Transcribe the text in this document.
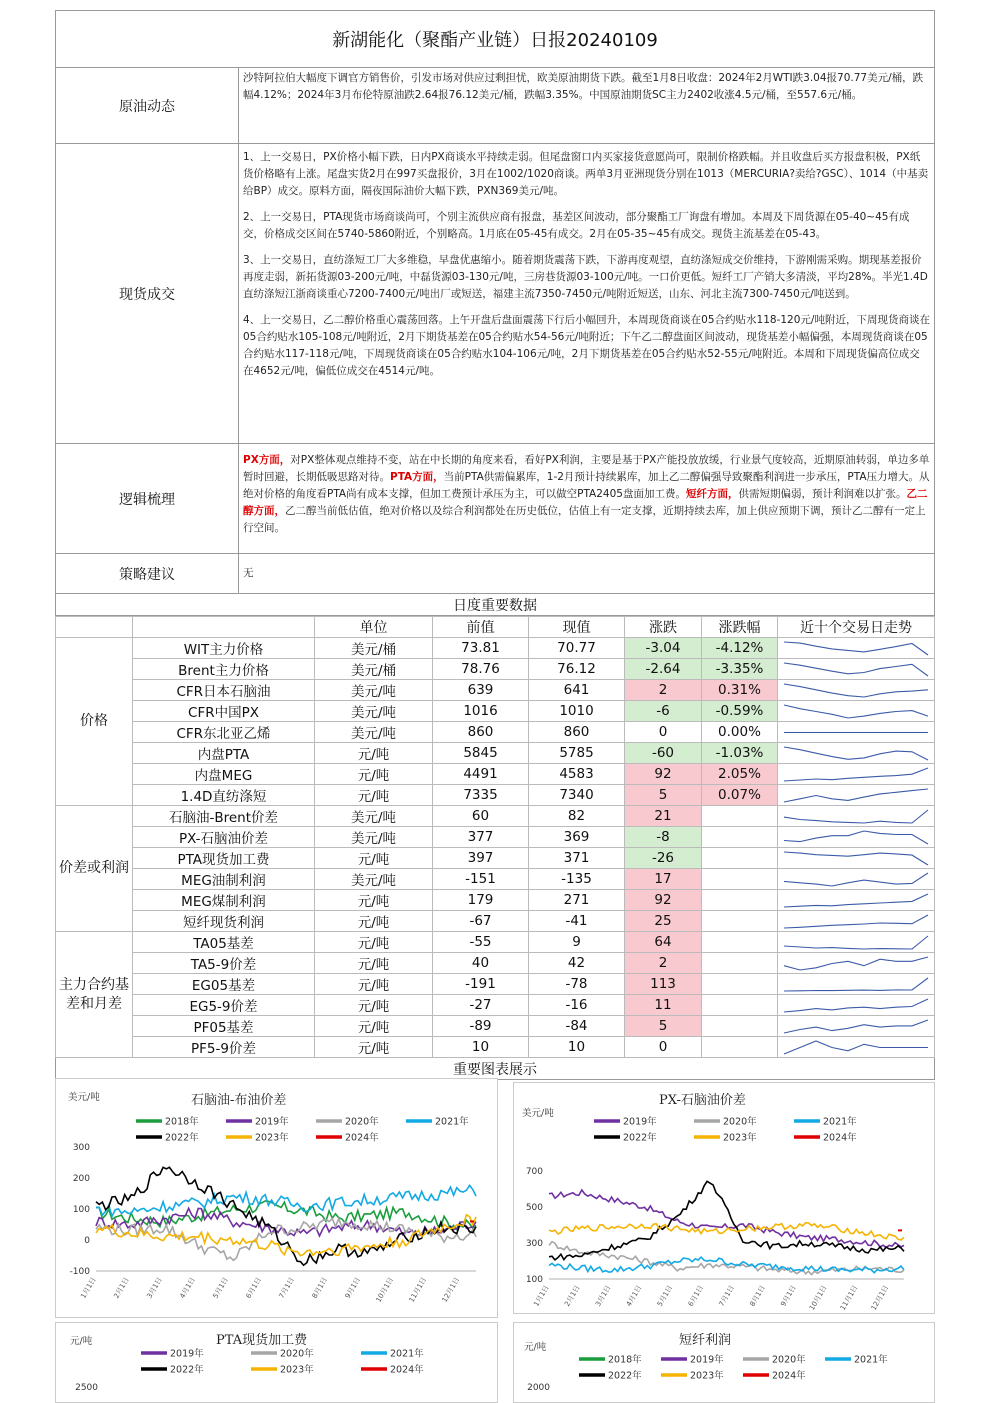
新湖能化（聚酯产业链）日报20240109
原油动态
沙特阿拉伯大幅度下调官方销售价，引发市场对供应过剩担忧，欧美原油期货下跌。截至1月8日收盘：2024年2月WTI跌3.04报70.77美元/桶，跌幅4.12%；2024年3月布伦特原油跌2.64报76.12美元/桶，跌幅3.35%。中国原油期货SC主力2402收涨4.5元/桶，至557.6元/桶。
现货成交

1、上一交易日，PX价格小幅下跌，日内PX商谈水平持续走弱。但尾盘窗口内买家接货意愿尚可，限制价格跌幅。并且收盘后买方报盘积极，PX纸货价格略有上涨。尾盘实货2月在997买盘报价，3月在1002/1020商谈。两单3月亚洲现货分别在1013（MERCURIA?卖给?GSC）、1014（中基卖给BP）成交。原料方面，隔夜国际油价大幅下跌，PXN369美元/吨。

2、上一交易日，PTA现货市场商谈尚可，个别主流供应商有报盘，基差区间波动，部分聚酯工厂询盘有增加。本周及下周货源在05-40~45有成交，价格成交区间在5740-5860附近，个别略高。1月底在05-45有成交。2月在05-35~45有成交。现货主流基差在05-43。

3、上一交易日，直纺涤短工厂大多维稳，早盘优惠缩小。随着期货震荡下跌，下游再度观望，直纺涤短成交价维持，下游刚需采购。期现基差报价再度走弱，新拓货源03-200元/吨，中磊货源03-130元/吨，三房巷货源03-100元/吨。一口价更低。短纤工厂产销大多清淡，平均28%。半光1.4D直纺涤短江浙商谈重心7200-7400元/吨出厂或短送，福建主流7350-7450元/吨附近短送，山东、河北主流7300-7450元/吨送到。

4、上一交易日，乙二醇价格重心震荡回落。上午开盘后盘面震荡下行后小幅回升，本周现货商谈在05合约贴水118-120元/吨附近，下周现货商谈在05合约贴水105-108元/吨附近，2月下期货基差在05合约贴水54-56元/吨附近；下午乙二醇盘面区间波动，现货基差小幅偏强，本周现货商谈在05合约贴水117-118元/吨，下周现货商谈在05合约贴水104-106元/吨，2月下期货基差在05合约贴水52-55元/吨附近。本周和下周现货偏高位成交在4652元/吨，偏低位成交在4514元/吨。

逻辑梳理
PX方面，对PX整体观点维持不变，站在中长期的角度来看，看好PX利润，主要是基于PX产能投放放缓，行业景气度较高，近期原油转弱，单边多单暂时回避，长期低吸思路对待。PTA方面，当前PTA供需偏累库，1-2月预计持续累库，加上乙二醇偏强导致聚酯利润进一步承压，PTA压力增大。从绝对价格的角度看PTA尚有成本支撑，但加工费预计承压为主，可以做空PTA2405盘面加工费。短纤方面，供需短期偏弱，预计利润难以扩张。乙二醇方面，乙二醇当前低估值，绝对价格以及综合利润都处在历史低位，估值上有一定支撑，近期持续去库，加上供应预期下调，预计乙二醇有一定上行空间。
策略建议	无
日度重要数据
		单位	前值	现值	涨跌	涨跌幅	近十个交易日走势
价格	WIT主力价格	美元/桶	73.81	70.77	-3.04	-4.12%	

	Brent主力价格	美元/桶	78.76	76.12	-2.64	-3.35%	

	CFR日本石脑油	美元/吨	639	641	2	0.31%	

	CFR中国PX	美元/吨	1016	1010	-6	-0.59%	

	CFR东北亚乙烯	美元/吨	860	860	0	0.00%	

	内盘PTA	元/吨	5845	5785	-60	-1.03%	

	内盘MEG	元/吨	4491	4583	92	2.05%	

	1.4D直纺涤短	元/吨	7335	7340	5	0.07%	

价差或利润	石脑油-Brent价差	美元/吨	60	82	21		

	PX-石脑油价差	美元/吨	377	369	-8		

	PTA现货加工费	元/吨	397	371	-26		

	MEG油制利润	美元/吨	-151	-135	17		

	MEG煤制利润	元/吨	179	271	92		

	短纤现货利润	元/吨	-67	-41	25		

主力合约基差和月差	TA05基差	元/吨	-55	9	64		

	TA5-9价差	元/吨	40	42	2		

	EG05基差	元/吨	-191	-78	113		

	EG5-9价差	元/吨	-27	-16	11		

	PF05基差	元/吨	-89	-84	5		

	PF5-9价差	元/吨	10	10	0		
重要图表展示
300
200
100
0
-100
1月1日 2月1日 3月1日 4月1日 5月1日 6月1日 7月1日 8月1日 9月1日 10月1日 11月1日 12月1日
2018年	2019年	2020年	2021年
2022年	2023年	2024年
石脑油-布油价差
美元/吨
700
500
300
100
1月1日 2月1日 3月1日 4月1日 5月1日 6月1日 7月1日 8月1日 9月1日 10月1日 11月1日 12月1日
2019年	2020年	2021年
2022年	2023年	2024年
PX-石脑油价差
美元/吨
2500
2019年	2020年	2021年
2022年	2023年	2024年
PTA现货加工费
元/吨
2000
2018年	2019年	2020年	2021年
2022年	2023年	2024年
短纤利润
元/吨
